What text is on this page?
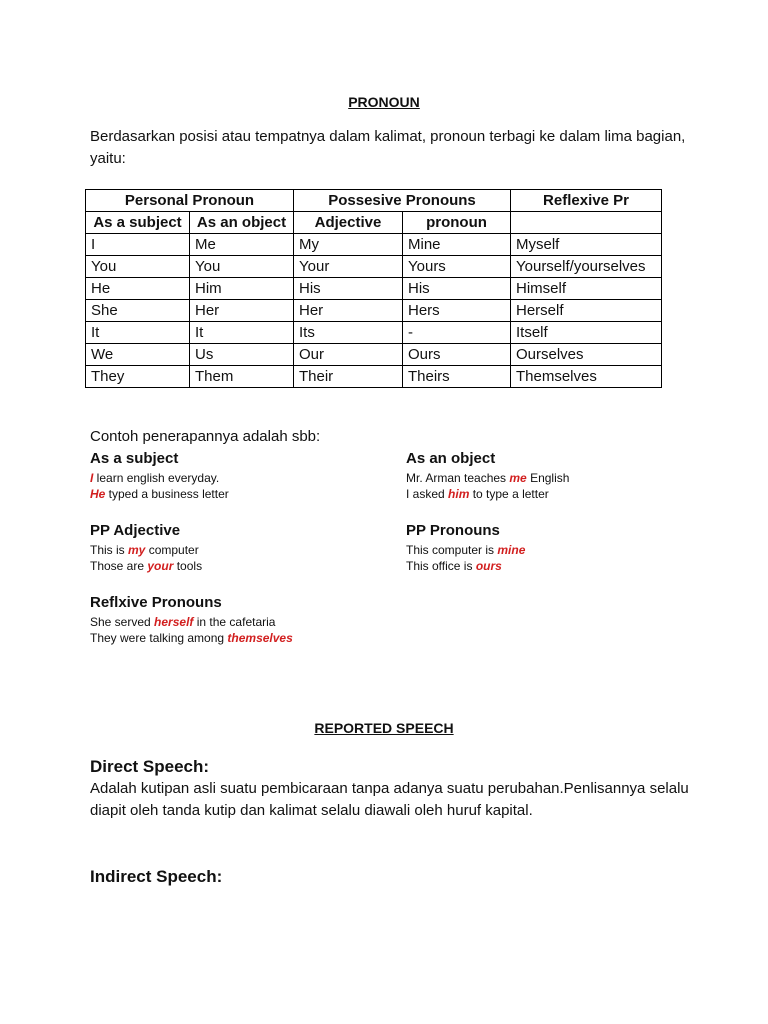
PRONOUN
Berdasarkan posisi atau tempatnya dalam kalimat, pronoun terbagi ke dalam lima bagian, yaitu:
Personal Pronoun		Possesive Pronouns		Reflexive Pr
As a subject	As an object	Adjective	pronoun	
I	Me	My	Mine	Myself
You	You	Your	Yours	Yourself/yourselves
He	Him	His	His	Himself
She	Her	Her	Hers	Herself
It	It	Its	-	Itself
We	Us	Our	Ours	Ourselves
They	Them	Their	Theirs	Themselves
Contoh penerapannya adalah sbb:
As a subject
I learn english everyday.
He typed a business letter
As an object
Mr. Arman teaches me English
I asked him to type a letter
PP Adjective
This is my computer
Those are your tools
PP Pronouns
This computer is mine
This office is ours
Reflxive Pronouns
She served herself in the cafetaria
They were talking among themselves
REPORTED SPEECH
Direct Speech:
Adalah kutipan asli suatu pembicaraan tanpa adanya suatu perubahan.Penlisannya selalu diapit oleh tanda kutip dan kalimat selalu diawali oleh huruf kapital.
Indirect Speech:
